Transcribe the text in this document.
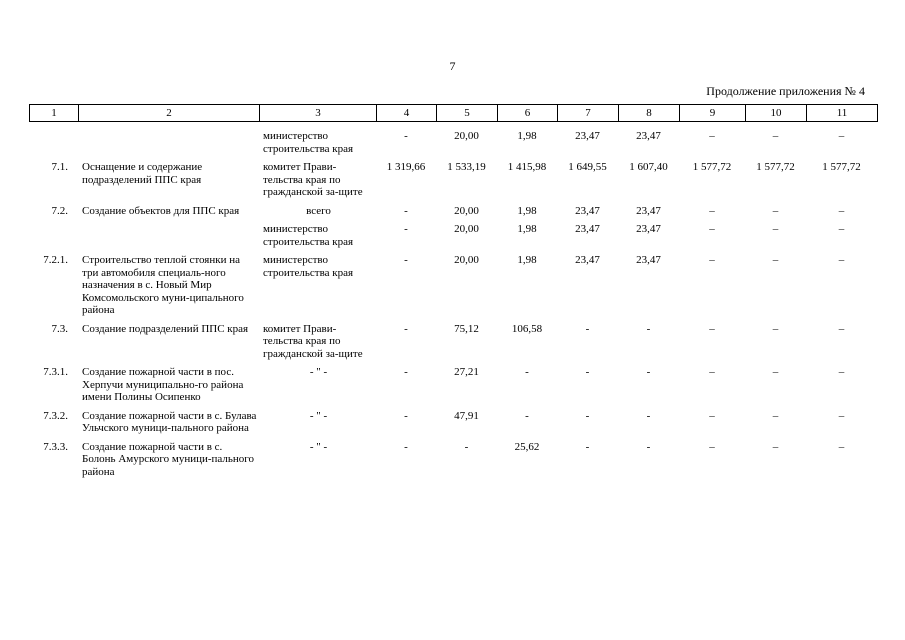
7
Продолжение приложения № 4
1	2	3	4	5	6	7	8	9	10	11
		министерство строительства края	-	20,00	1,98	23,47	23,47	–	–	–
7.1.	Оснащение и содержание подразделений ППС края	комитет Прави-тельства края по гражданской за-щите	1 319,66	1 533,19	1 415,98	1 649,55	1 607,40	1 577,72	1 577,72	1 577,72
7.2.	Создание объектов для ППС края	всего	-	20,00	1,98	23,47	23,47	–	–	–
		министерство строительства края	-	20,00	1,98	23,47	23,47	–	–	–
7.2.1.	Строительство теплой стоянки на три автомобиля специаль-ного назначения в с. Новый Мир Комсомольского муни-ципального района	министерство строительства края	-	20,00	1,98	23,47	23,47	–	–	–
7.3.	Создание подразделений ППС края	комитет Прави-тельства края по гражданской за-щите	-	75,12	106,58	-	-	–	–	–
7.3.1.	Создание пожарной части в пос. Херпучи муниципально-го района имени Полины Осипенко	- " -	-	27,21	-	-	-	–	–	–
7.3.2.	Создание пожарной части в с. Булава Ульчского муници-пального района	- " -	-	47,91	-	-	-	–	–	–
7.3.3.	Создание пожарной части в с. Болонь Амурского муници-пального района	- " -	-	-	25,62	-	-	–	–	–
